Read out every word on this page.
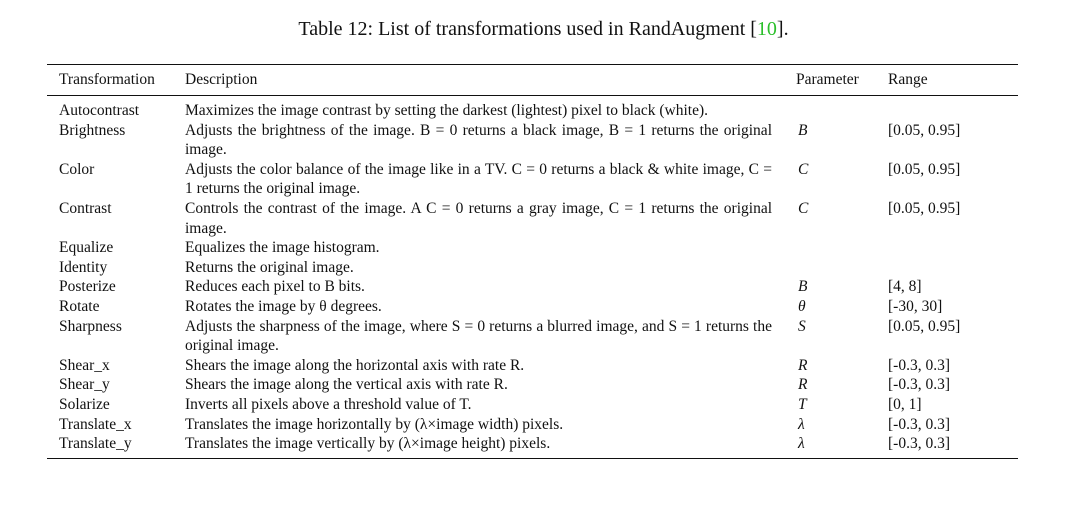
Table 12: List of transformations used in RandAugment [10].
Transformation	Description	Parameter	Range
Autocontrast	Maximizes the image contrast by setting the darkest (lightest) pixel to black (white).		
Brightness	Adjusts the brightness of the image. B = 0 returns a black image, B = 1 returns the original image.	B	[0.05, 0.95]
Color	Adjusts the color balance of the image like in a TV. C = 0 returns a black & white image, C = 1 returns the original image.	C	[0.05, 0.95]
Contrast	Controls the contrast of the image. A C = 0 returns a gray image, C = 1 returns the original image.	C	[0.05, 0.95]
Equalize	Equalizes the image histogram.		
Identity	Returns the original image.		
Posterize	Reduces each pixel to B bits.	B	[4, 8]
Rotate	Rotates the image by θ degrees.	θ	[-30, 30]
Sharpness	Adjusts the sharpness of the image, where S = 0 returns a blurred image, and S = 1 returns the original image.	S	[0.05, 0.95]
Shear_x	Shears the image along the horizontal axis with rate R.	R	[-0.3, 0.3]
Shear_y	Shears the image along the vertical axis with rate R.	R	[-0.3, 0.3]
Solarize	Inverts all pixels above a threshold value of T.	T	[0, 1]
Translate_x	Translates the image horizontally by (λ×image width) pixels.	λ	[-0.3, 0.3]
Translate_y	Translates the image vertically by (λ×image height) pixels.	λ	[-0.3, 0.3]
